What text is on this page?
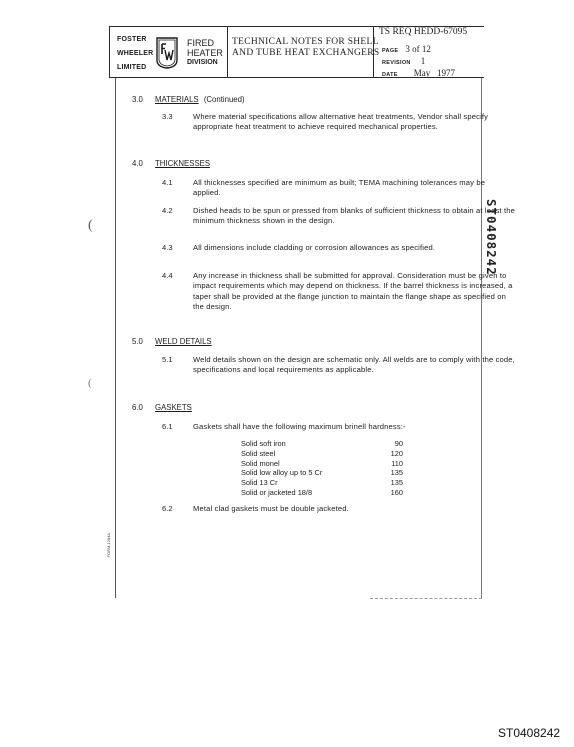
FOSTER
WHEELER
LIMITED
FIRED
HEATER
DIVISION
TECHNICAL NOTES FOR SHELL
AND TUBE HEAT EXCHANGERS
TS REQ HEDD-67095
PAGE 3 of 12
REVISION 1
DATE May   1977
3.0 MATERIALS (Continued)
3.3	Where material specifications allow alternative heat treatments, Vendor shall specify appropriate heat treatment to achieve required mechanical properties.
4.0 THICKNESSES
4.1	All thicknesses specified are minimum as built; TEMA machining tolerances may be applied.
4.2	Dished heads to be spun or pressed from blanks of sufficient thickness to obtain at least the minimum thickness shown in the design.
4.3	All dimensions include cladding or corrosion allowances as specified.
4.4	Any increase in thickness shall be submitted for approval. Consideration must be given to impact requirements which may depend on thickness. If the barrel thickness is increased, a taper shall be provided at the flange junction to maintain the flange shape as specified on the design.
5.0 WELD DETAILS
5.1	Weld details shown on the design are schematic only. All welds are to comply with the code, specifications and local requirements as applicable.
6.0 GASKETS
6.1	Gaskets shall have the following maximum brinell hardness:-
Solid soft iron	90
Solid steel	120
Solid monel	110
Solid low alloy up to 5 Cr	135
Solid 13 Cr	135
Solid or jacketed 18/8	160
6.2	Metal clad gaskets must be double jacketed.
ST0408242
(
(
FORM 1284A
ST0408242
